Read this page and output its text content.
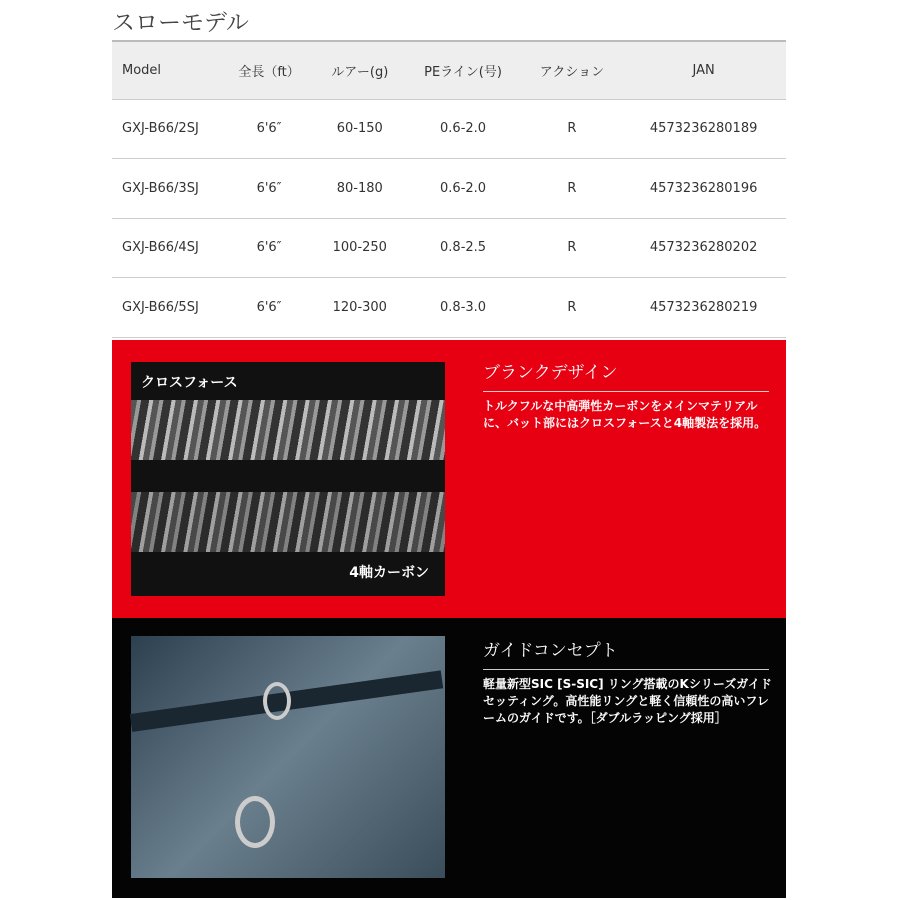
スローモデル
Model	全長（ft）	ルアー(g)	PEライン(号)	アクション	JAN
GXJ-B66/2SJ	6'6″	60-150	0.6-2.0	R	4573236280189
GXJ-B66/3SJ	6'6″	80-180	0.6-2.0	R	4573236280196
GXJ-B66/4SJ	6'6″	100-250	0.8-2.5	R	4573236280202
GXJ-B66/5SJ	6'6″	120-300	0.8-3.0	R	4573236280219
クロスフォース
4軸カーボン
ブランクデザイン
トルクフルな中高弾性カーボンをメインマテリアルに、バット部にはクロスフォースと4軸製法を採用。
ガイドコンセプト
軽量新型SIC [S-SIC] リング搭載のKシリーズガイドセッティング。高性能リングと軽く信頼性の高いフレームのガイドです。［ダブルラッピング採用］
